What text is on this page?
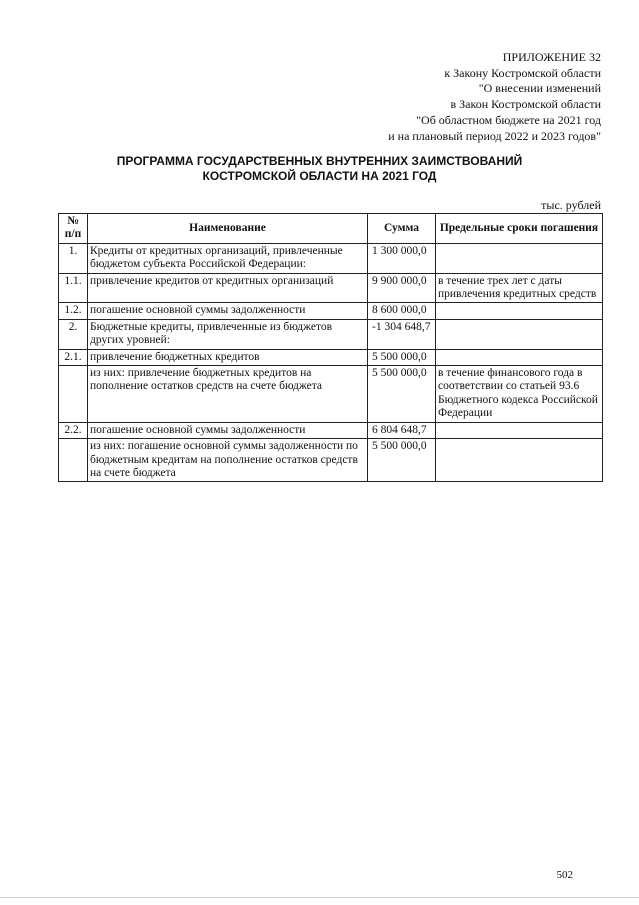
ПРИЛОЖЕНИЕ 32
к Закону Костромской области
"О внесении изменений
в Закон Костромской области
"Об областном бюджете на 2021 год
и на плановый период 2022 и 2023 годов"
ПРОГРАММА ГОСУДАРСТВЕННЫХ ВНУТРЕННИХ ЗАИМСТВОВАНИЙ
КОСТРОМСКОЙ ОБЛАСТИ НА 2021 ГОД
тыс. рублей
№ п/п	Наименование	Сумма	Предельные сроки погашения
1.	Кредиты от кредитных организаций, привлеченные бюджетом субъекта Российской Федерации:	1 300 000,0	
1.1.	привлечение кредитов от кредитных организаций	9 900 000,0	в течение трех лет с даты привлечения кредитных средств
1.2.	погашение основной суммы задолженности	8 600 000,0	
2.	Бюджетные кредиты, привлеченные из бюджетов других уровней:	-1 304 648,7	
2.1.	привлечение бюджетных кредитов	5 500 000,0	
	из них: привлечение бюджетных кредитов на пополнение остатков средств на счете бюджета	5 500 000,0	в течение финансового года в соответствии со статьей 93.6 Бюджетного кодекса Российской Федерации
2.2.	погашение основной суммы задолженности	6 804 648,7	
	из них: погашение основной суммы задолженности по бюджетным кредитам на пополнение остатков средств на счете бюджета	5 500 000,0	
502
